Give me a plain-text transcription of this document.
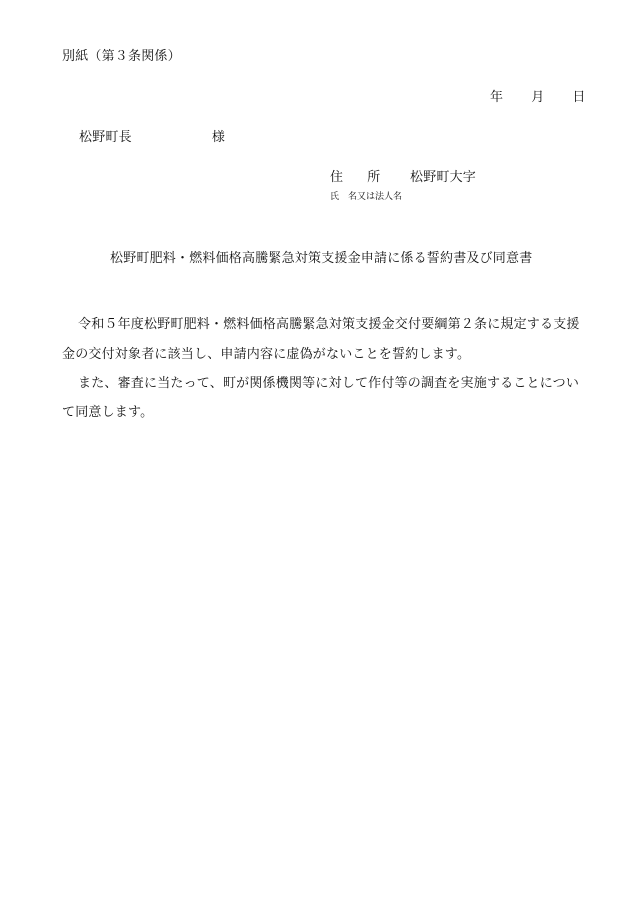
別紙（第３条関係）
年 月 日
松野町長	様
住 所 松野町大字
氏　名又は法人名
松野町肥料・燃料価格高騰緊急対策支援金申請に係る誓約書及び同意書
令和５年度松野町肥料・燃料価格高騰緊急対策支援金交付要綱第２条に規定する支援
金の交付対象者に該当し、申請内容に虚偽がないことを誓約します。
また、審査に当たって、町が関係機関等に対して作付等の調査を実施することについ
て同意します。
